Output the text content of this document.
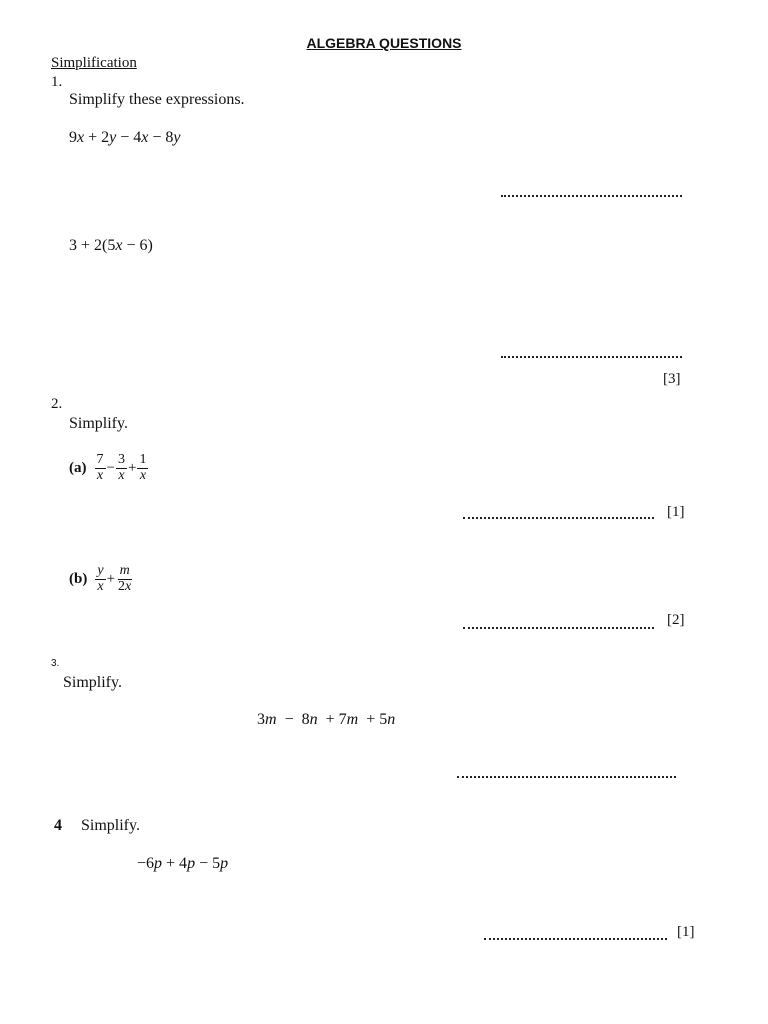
ALGEBRA QUESTIONS
Simplification
1.
Simplify these expressions.
9x + 2y − 4x − 8y
3 + 2(5x − 6)
[3]
2.
Simplify.
$(a) \frac{7}{x} - \frac{3}{x} + \frac{1}{x}$
[1]
$(b) \frac{y}{x} + \frac{m}{2x}$
[2]
3.
Simplify.
3m  −  8n  + 7m  + 5n
4 Simplify.
−6p + 4p − 5p
[1]
